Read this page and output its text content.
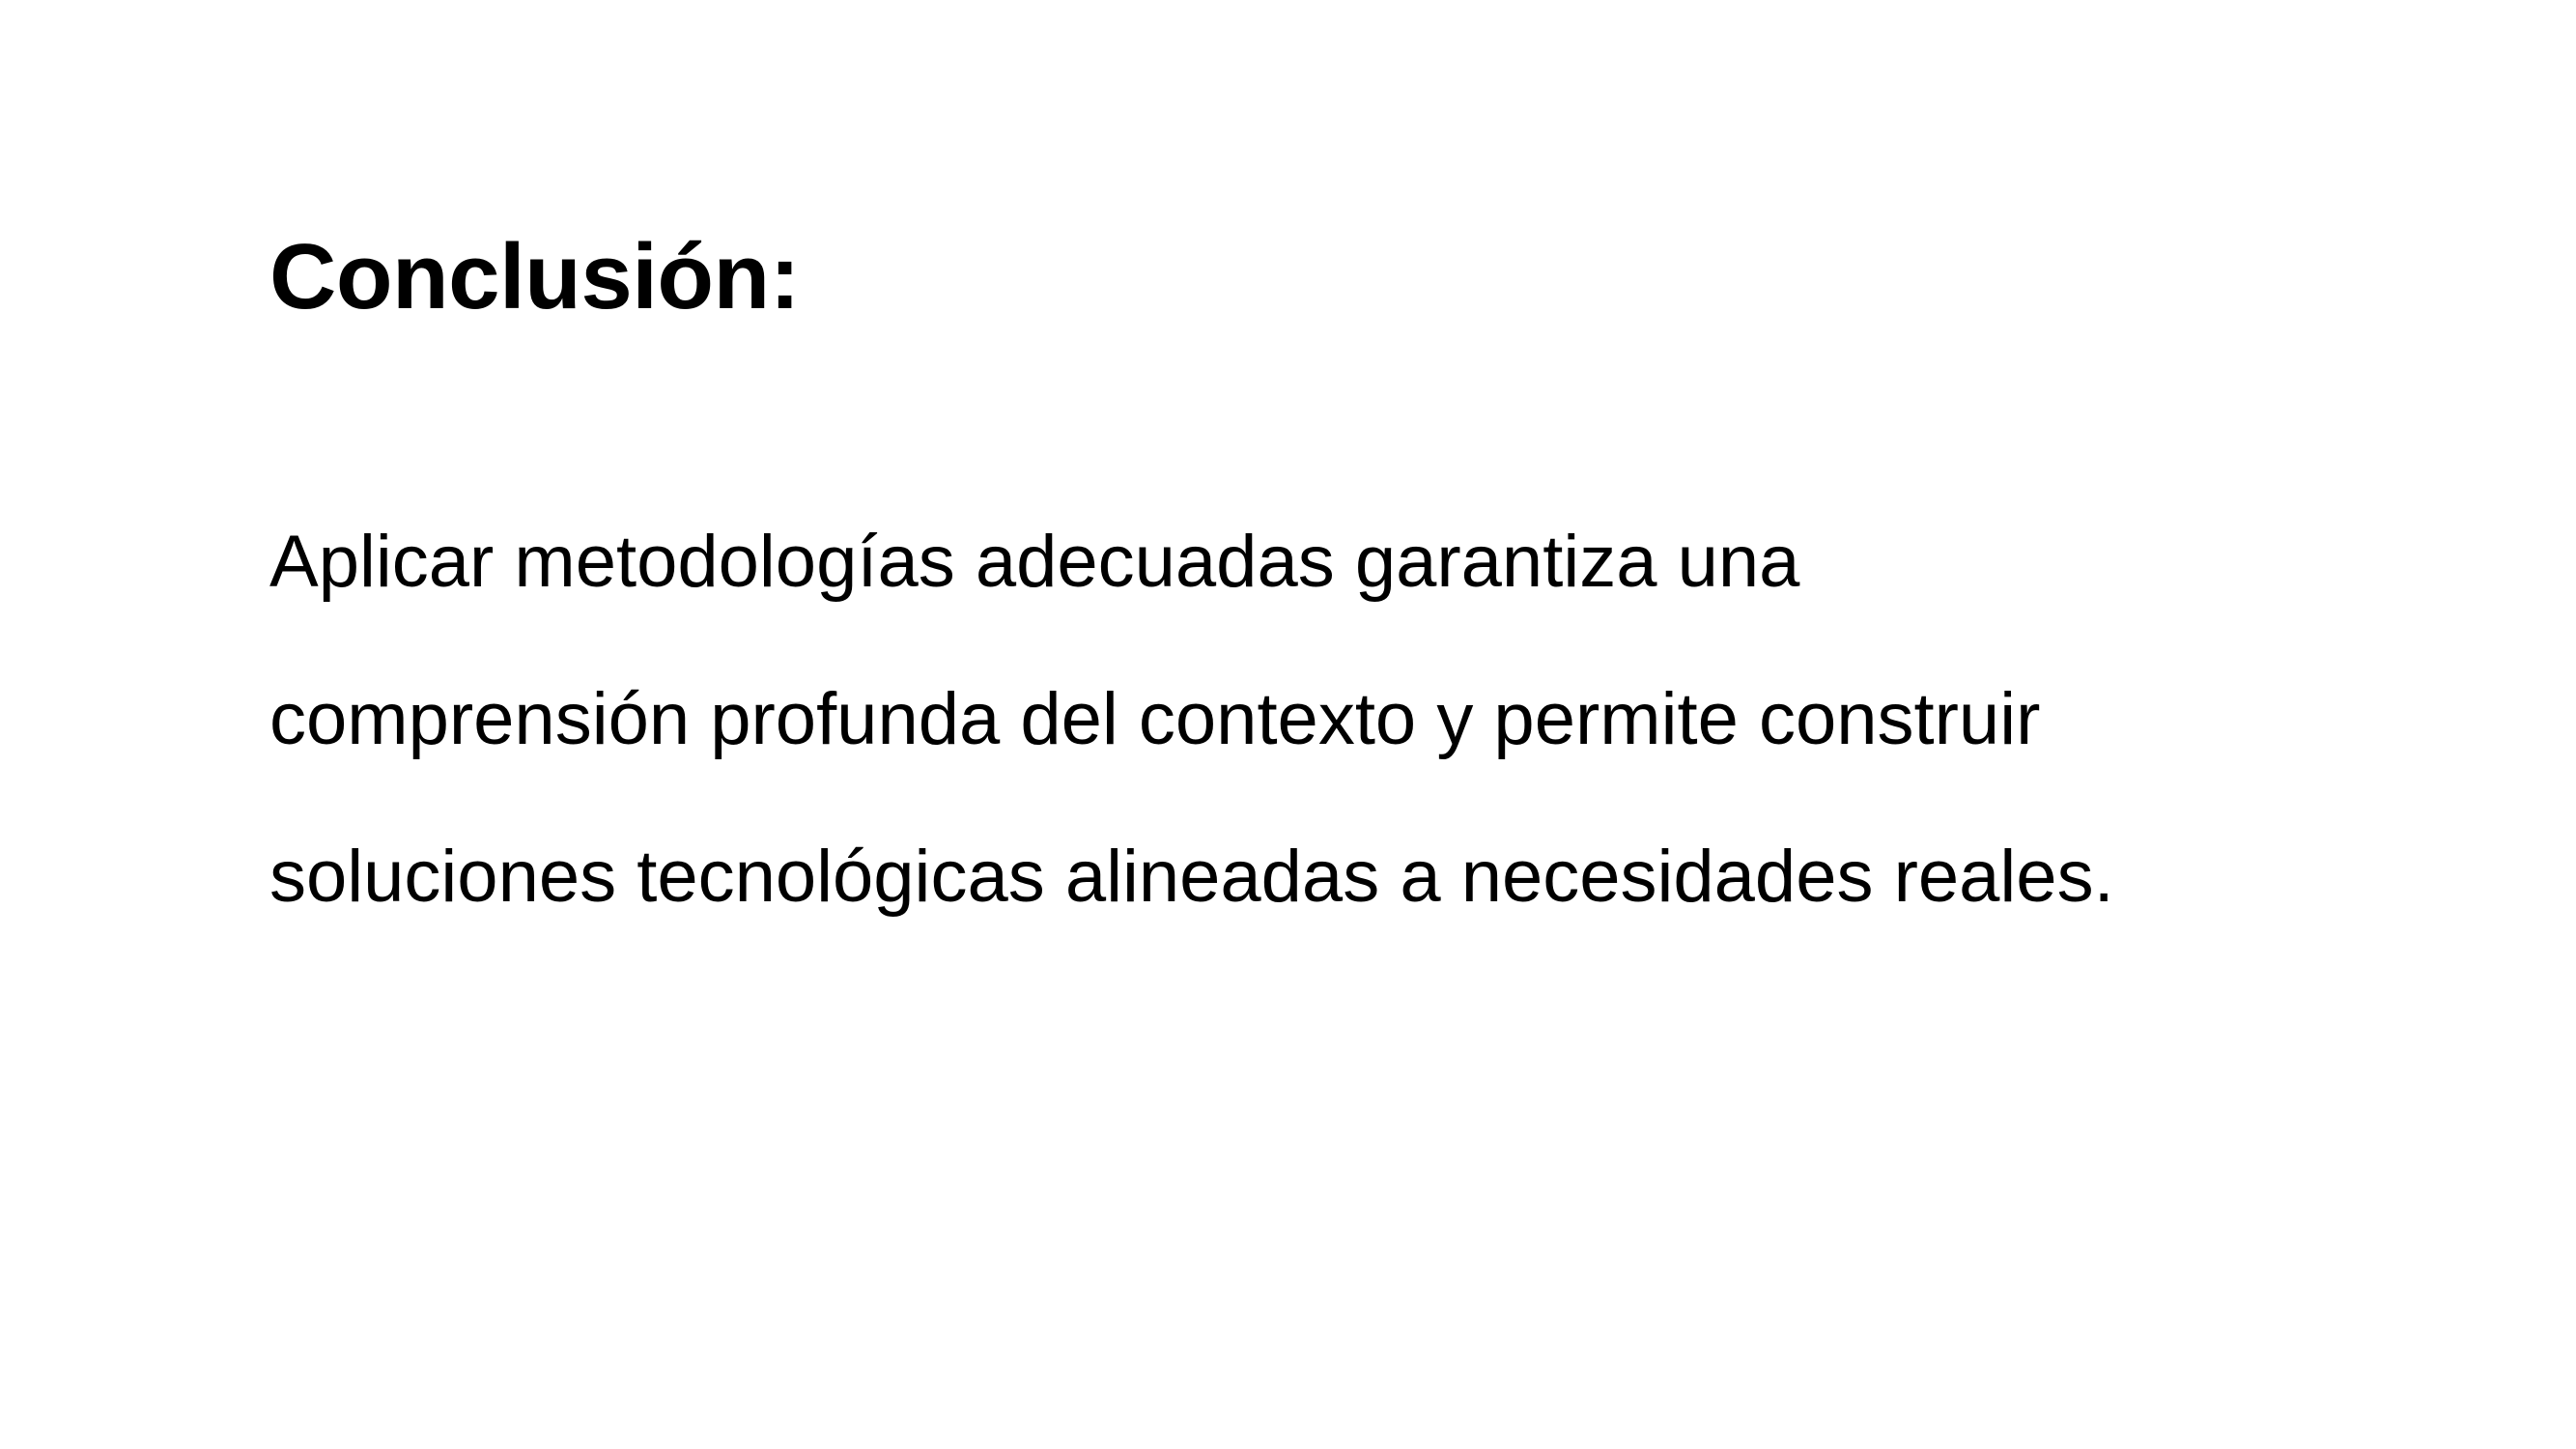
Conclusión:

Aplicar metodologías adecuadas garantiza una

comprensión profunda del contexto y permite construir

soluciones tecnológicas alineadas a necesidades reales.
